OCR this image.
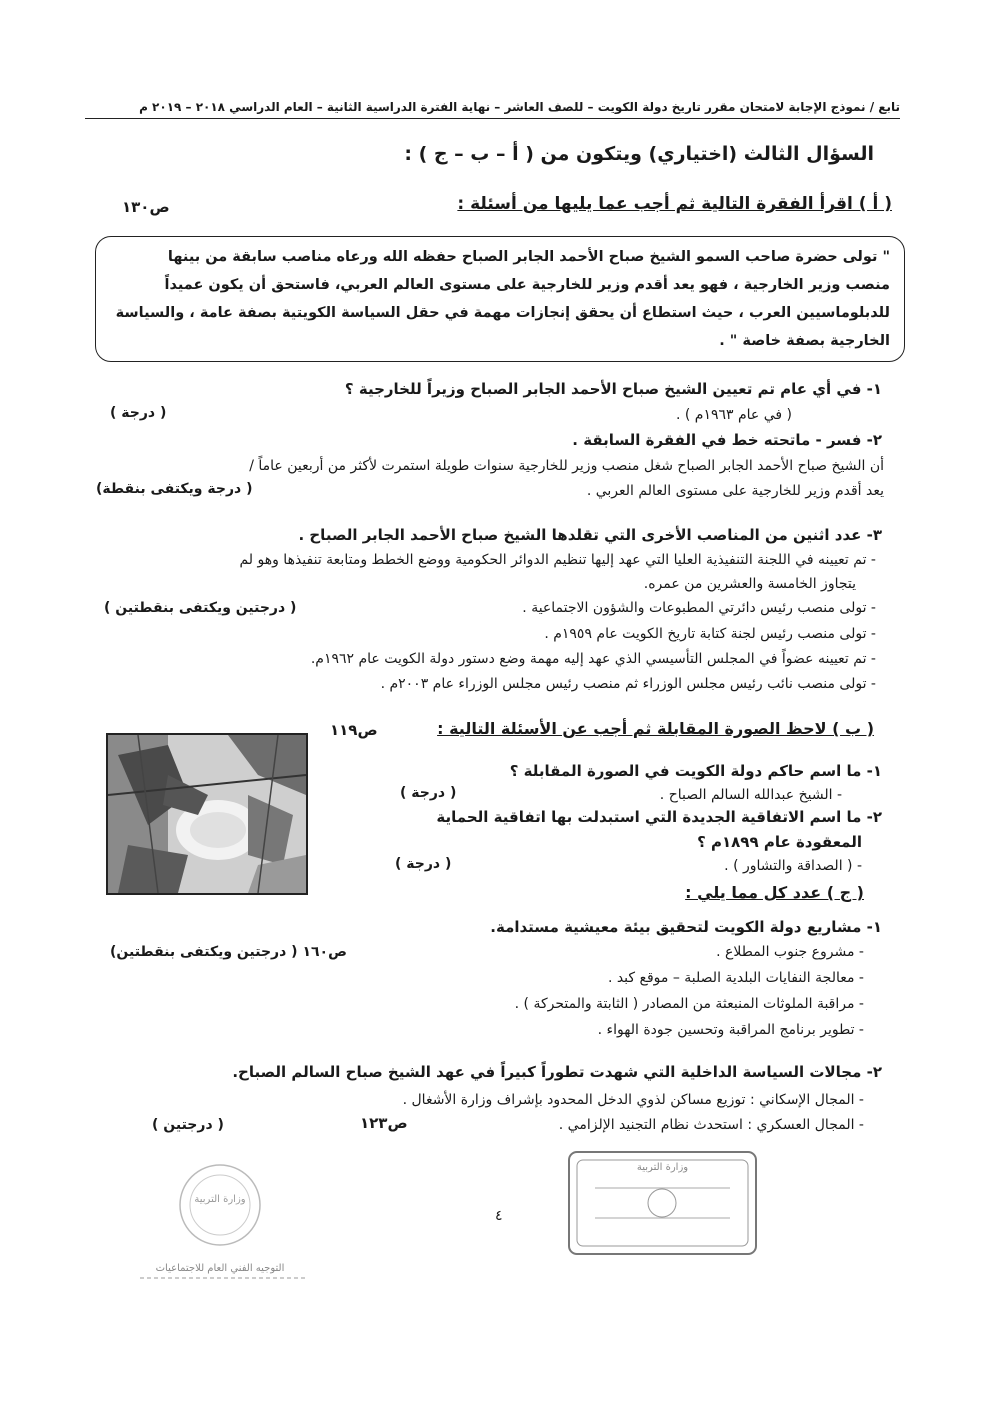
تابع / نموذج الإجابة لامتحان مقرر تاريخ دولة الكويت – للصف العاشر – نهاية الفترة الدراسية الثانية – العام الدراسي ٢٠١٨ – ٢٠١٩ م
السؤال الثالث (اختياري) ويتكون من ( أ – ب – ج ) :
( أ ) اقرأ الفقرة التالية ثم أجب عما يليها من أسئلة :
ص١٣٠

" تولى حضرة صاحب السمو الشيخ صباح الأحمد الجابر الصباح حفظه الله ورعاه مناصب سابقة من بينها

منصب وزير الخارجية ، فهو يعد أقدم وزير للخارجية على مستوى العالم العربي، فاستحق أن يكون عميداً

للدبلوماسيين العرب ، حيث استطاع أن يحقق إنجازات مهمة في حقل السياسة الكويتية بصفة عامة ، والسياسة

الخارجية بصفة خاصة " .

١- في أي عام تم تعيين الشيخ صباح الأحمد الجابر الصباح وزيراً للخارجية ؟
( في عام ١٩٦٣م ) .
( درجة )
٢- فسر - ماتحته خط في الفقرة السابقة .
أن الشيخ صباح الأحمد الجابر الصباح شغل منصب وزير للخارجية سنوات طويلة استمرت لأكثر من أربعين عاماً /
يعد أقدم وزير للخارجية على مستوى العالم العربي .
( درجة ويكتفى بنقطة)
٣- عدد اثنين من المناصب الأخرى التي تقلدها الشيخ صباح الأحمد الجابر الصباح .
- تم تعيينه في اللجنة التنفيذية العليا التي عهد إليها تنظيم الدوائر الحكومية ووضع الخطط ومتابعة تنفيذها وهو لم
يتجاوز الخامسة والعشرين من عمره.
- تولى منصب رئيس دائرتي المطبوعات والشؤون الاجتماعية .
( درجتين ويكتفى بنقطتين )
- تولى منصب رئيس لجنة كتابة تاريخ الكويت عام ١٩٥٩م .
- تم تعيينه عضواً في المجلس التأسيسي الذي عهد إليه مهمة وضع دستور دولة الكويت عام ١٩٦٢م.
- تولى منصب نائب رئيس مجلس الوزراء ثم منصب رئيس مجلس الوزراء عام ٢٠٠٣م .
( ب ) لاحظ الصورة المقابلة ثم أجب عن الأسئلة التالية :
ص١١٩
١- ما اسم حاكم دولة الكويت في الصورة المقابلة ؟
- الشيخ عبدالله السالم الصباح .
( درجة )
٢- ما اسم الاتفاقية الجديدة التي استبدلت بها اتفاقية الحماية
المعقودة عام ١٨٩٩م ؟
- ( الصداقة والتشاور ) .
( درجة )
( ج ) عدد كل مما يلي :
١- مشاريع دولة الكويت لتحقيق بيئة معيشية مستدامة.
ص١٦٠ ( درجتين ويكتفى بنقطتين)	- مشروع جنوب المطلاع .
- معالجة النفايات البلدية الصلبة – موقع كبد .
- مراقبة الملوثات المنبعثة من المصادر ( الثابتة والمتحركة ) .
- تطوير برنامج المراقبة وتحسين جودة الهواء .
٢- مجالات السياسة الداخلية التي شهدت تطوراً كبيراً في عهد الشيخ صباح السالم الصباح.
- المجال الإسكاني : توزيع مساكن لذوي الدخل المحدود بإشراف وزارة الأشغال .
- المجال العسكري : استحدث نظام التجنيد الإلزامي .
ص١٢٣
( درجتين )
٤
وزارة التربية
وزارة التربية
التوجيه الفني العام للاجتماعيات
